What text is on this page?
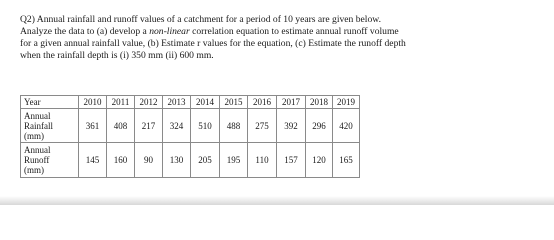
Q2) Annual rainfall and runoff values of a catchment for a period of 10 years are given below.
Analyze the data to (a) develop a non-linear correlation equation to estimate annual runoff volume
for a given annual rainfall value, (b) Estimate r values for the equation, (c) Estimate the runoff depth
when the rainfall depth is (i) 350 mm (ii) 600 mm.
Year	2010	2011	2012	2013	2014	2015	2016	2017	2018	2019

Annual
Rainfall
(mm)	361	408	217	324	510	488	275	392	296	420

Annual
Runoff
(mm)	145	160	90	130	205	195	110	157	120	165
